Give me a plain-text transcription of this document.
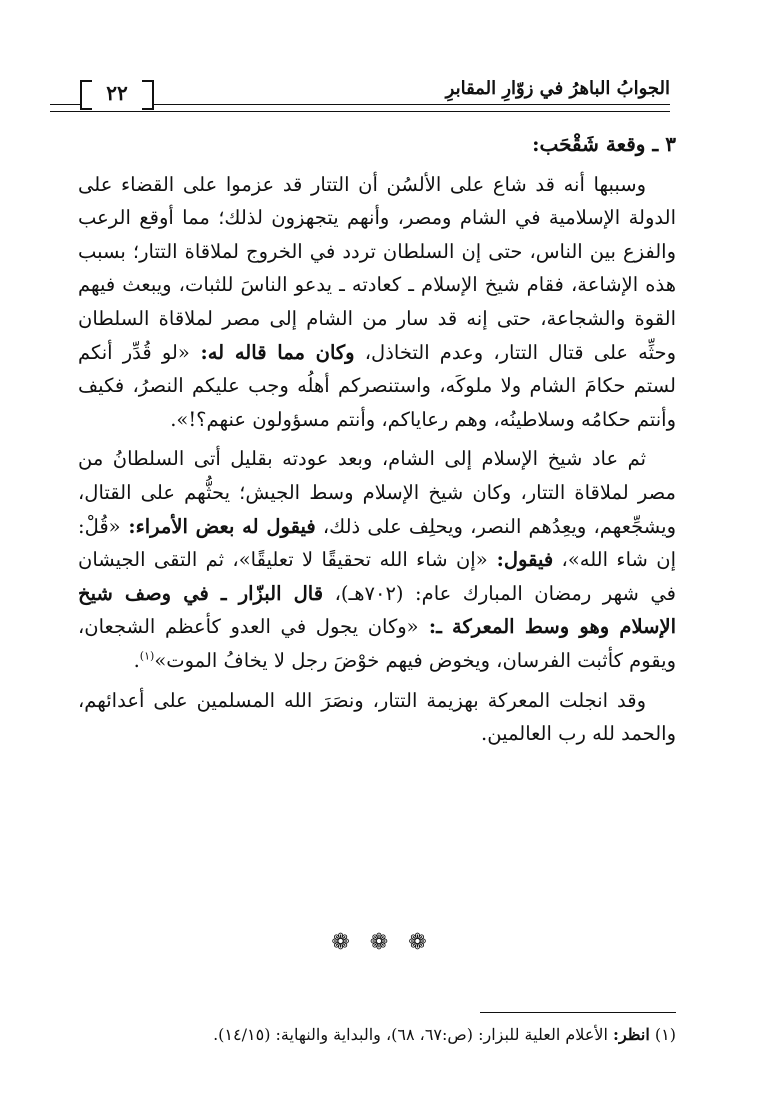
٢٢	الجوابُ الباهرُ في زوّارِ المقابرِ

٣ ـ وقعة شَقْحَب:

وسببها أنه قد شاع على الألسُن أن التتار قد عزموا على القضاء على الدولة الإسلامية في الشام ومصر، وأنهم يتجهزون لذلك؛ مما أوقع الرعب والفزع بين الناس، حتى إن السلطان تردد في الخروج لملاقاة التتار؛ بسبب هذه الإشاعة، فقام شيخ الإسلام ـ كعادته ـ يدعو الناسَ للثبات، ويبعث فيهم القوة والشجاعة، حتى إنه قد سار من الشام إلى مصر لملاقاة السلطان وحثِّه على قتال التتار، وعدم التخاذل، وكان مما قاله له: «لو قُدِّر أنكم لستم حكامَ الشام ولا ملوكَه، واستنصركم أهلُه وجب عليكم النصرُ، فكيف وأنتم حكامُه وسلاطينُه، وهم رعاياكم، وأنتم مسؤولون عنهم؟!».

ثم عاد شيخ الإسلام إلى الشام، وبعد عودته بقليل أتى السلطانُ من مصر لملاقاة التتار، وكان شيخ الإسلام وسط الجيش؛ يحثُّهم على القتال، ويشجِّعهم، ويعِدُهم النصر، ويحلِف على ذلك، فيقول له بعض الأمراء: «قُلْ: إن شاء الله»، فيقول: «إن شاء الله تحقيقًا لا تعليقًا»، ثم التقى الجيشان في شهر رمضان المبارك عام: (٧٠٢هـ)، قال البزّار ـ في وصف شيخ الإسلام وهو وسط المعركة ـ: «وكان يجول في العدو كأعظم الشجعان، ويقوم كأثبت الفرسان، ويخوض فيهم خوْضَ رجل لا يخافُ الموت»$^{(١)}$.

وقد انجلت المعركة بهزيمة التتار، ونصَرَ الله المسلمين على أعدائهم، والحمد لله رب العالمين.

❁ ❁ ❁
(١) انظر: الأعلام العلية للبزار: (ص:٦٧، ٦٨)، والبداية والنهاية: (١٤/١٥).
